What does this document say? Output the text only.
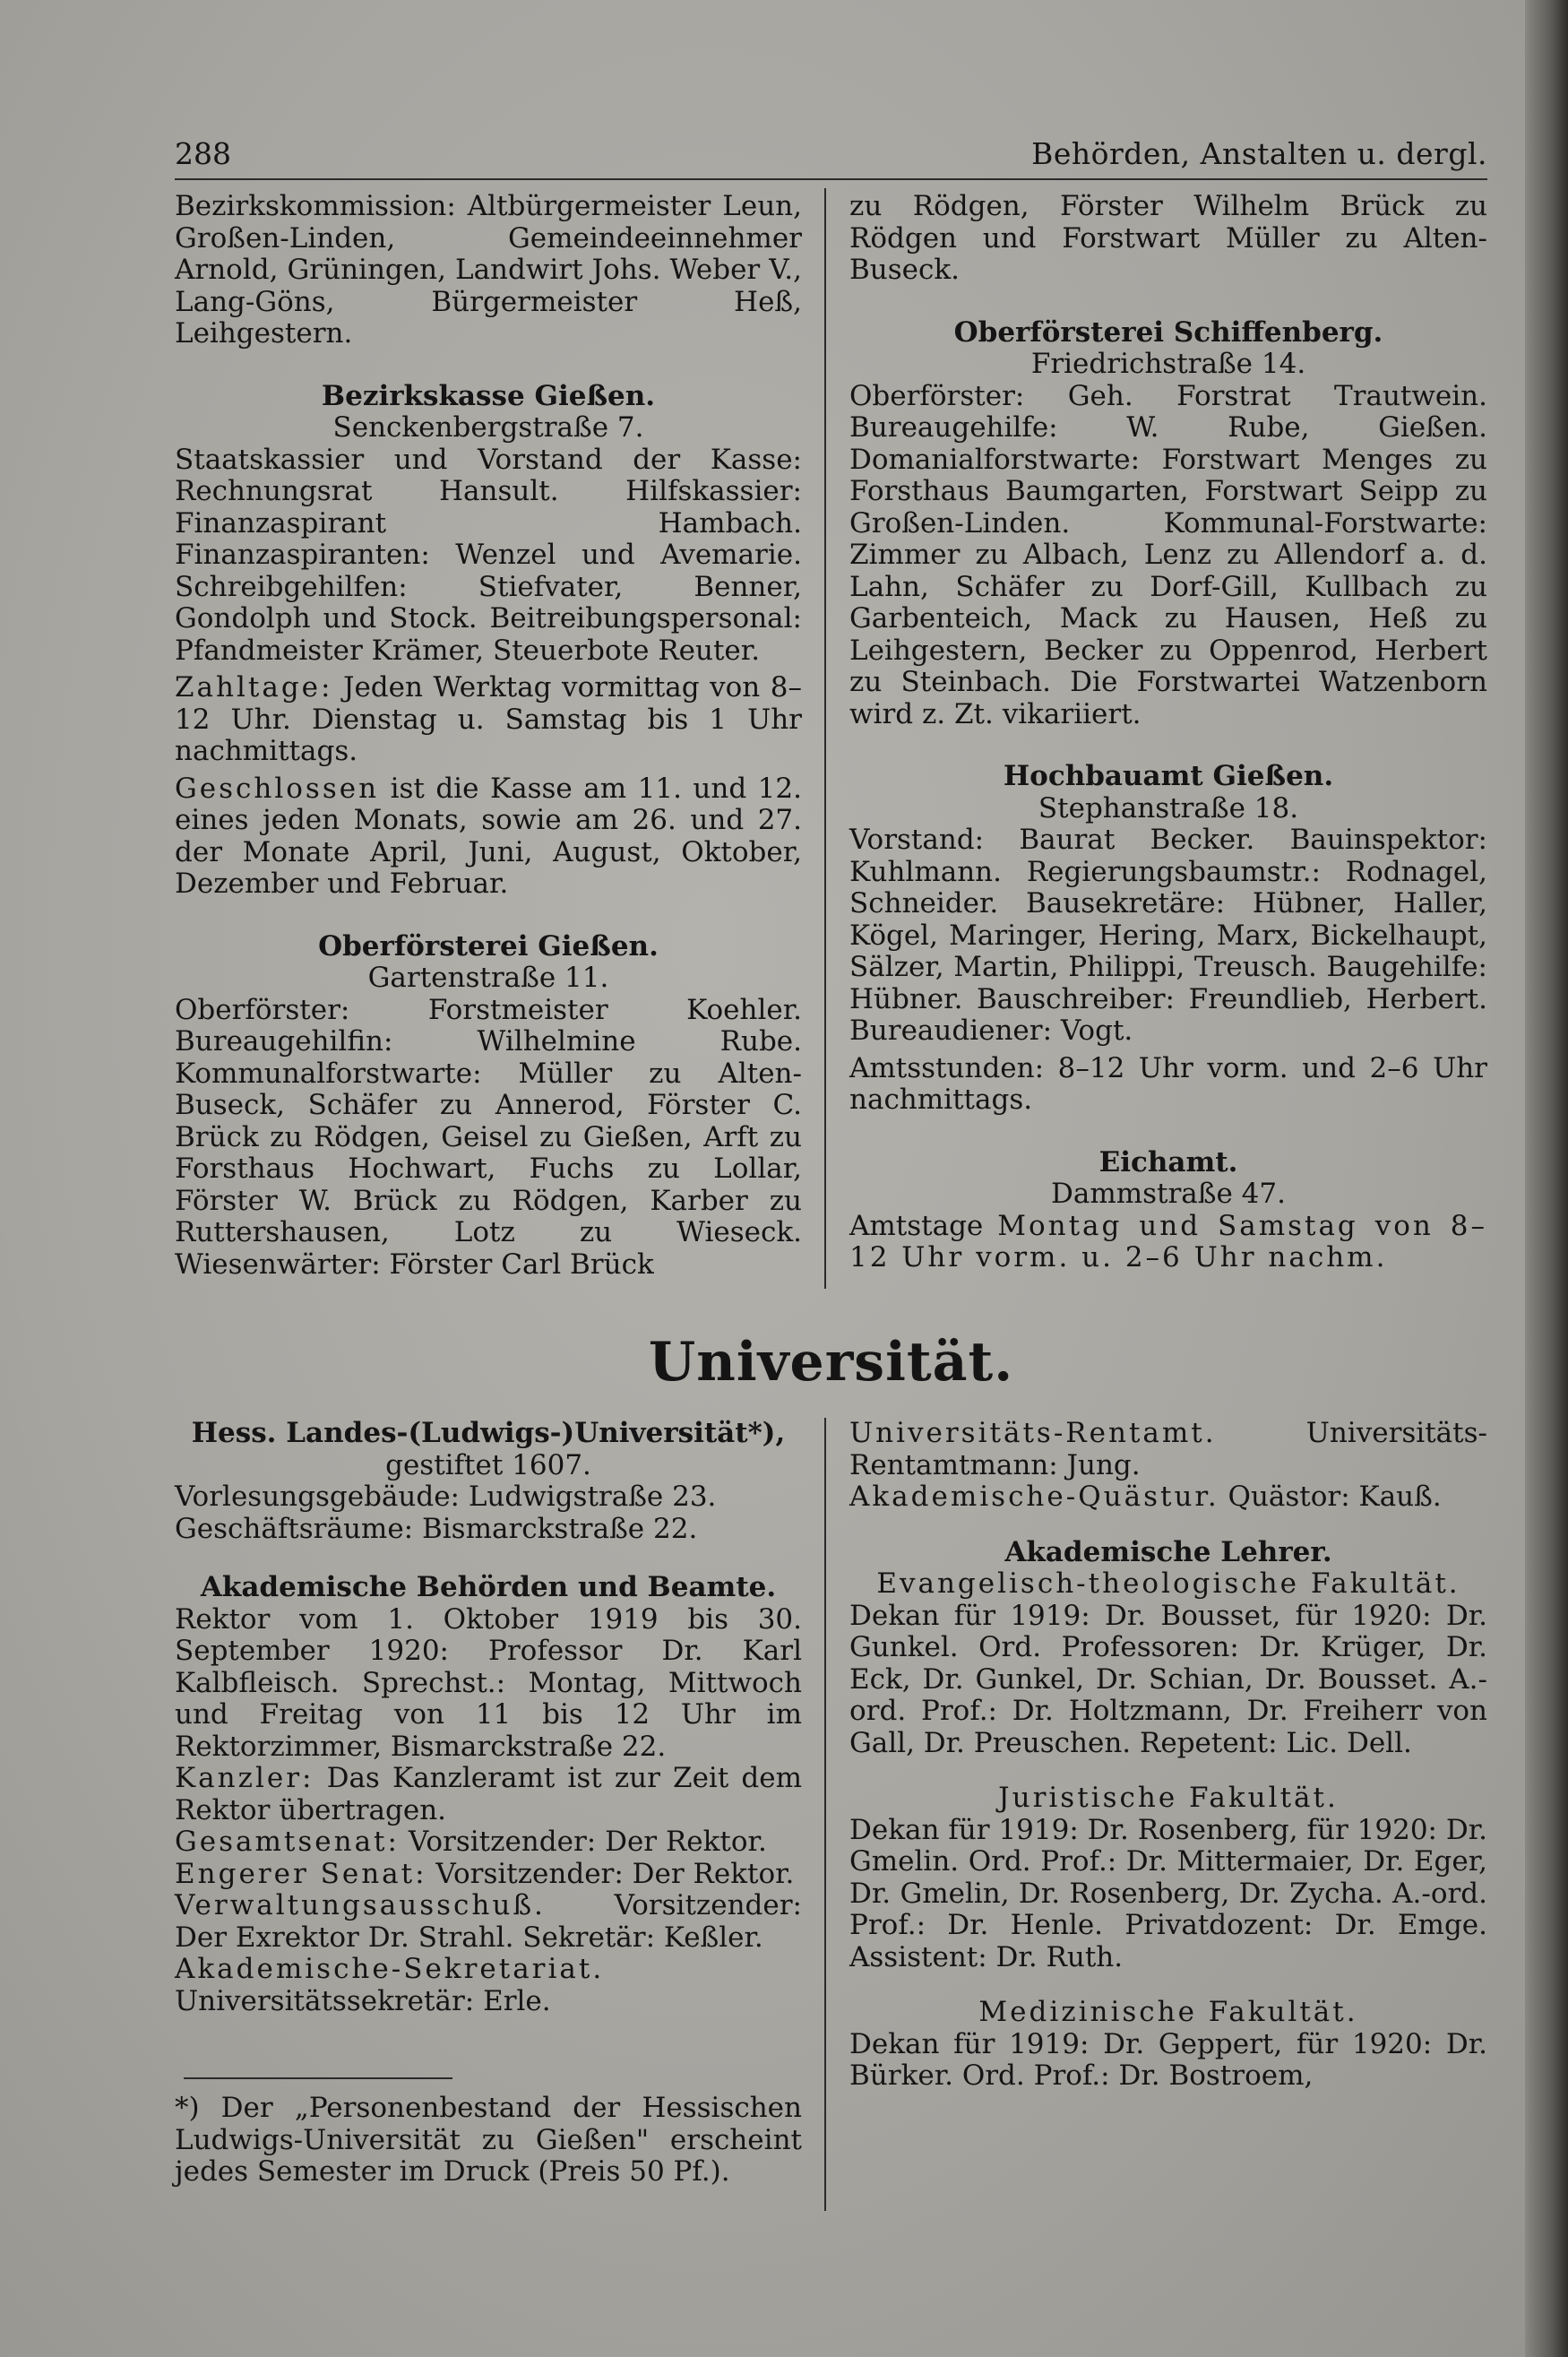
288	Behörden, Anstalten u. dergl.

Bezirkskommission: Altbürgermeister Leun, Großen-Linden, Gemeindeeinnehmer Arnold, Grüningen, Landwirt Johs. Weber V., Lang-Göns, Bürgermeister Heß, Leihgestern.

Bezirkskasse Gießen.

Senckenbergstraße 7.

Staatskassier und Vorstand der Kasse: Rechnungsrat Hansult. Hilfskassier: Finanzaspirant Hambach. Finanzaspiranten: Wenzel und Avemarie. Schreibgehilfen: Stiefvater, Benner, Gondolph und Stock. Beitreibungspersonal: Pfandmeister Krämer, Steuerbote Reuter.

Zahltage: Jeden Werktag vormittag von 8–12 Uhr. Dienstag u. Samstag bis 1 Uhr nachmittags.

Geschlossen ist die Kasse am 11. und 12. eines jeden Monats, sowie am 26. und 27. der Monate April, Juni, August, Oktober, Dezember und Februar.

Oberförsterei Gießen.

Gartenstraße 11.

Oberförster: Forstmeister Koehler. Bureaugehilfin: Wilhelmine Rube. Kommunalforstwarte: Müller zu Alten-Buseck, Schäfer zu Annerod, Förster C. Brück zu Rödgen, Geisel zu Gießen, Arft zu Forsthaus Hochwart, Fuchs zu Lollar, Förster W. Brück zu Rödgen, Karber zu Ruttershausen, Lotz zu Wieseck. Wiesenwärter: Förster Carl Brück

zu Rödgen, Förster Wilhelm Brück zu Rödgen und Forstwart Müller zu Alten-Buseck.

Oberförsterei Schiffenberg.

Friedrichstraße 14.

Oberförster: Geh. Forstrat Trautwein. Bureaugehilfe: W. Rube, Gießen. Domanialforstwarte: Forstwart Menges zu Forsthaus Baumgarten, Forstwart Seipp zu Großen-Linden. Kommunal-Forstwarte: Zimmer zu Albach, Lenz zu Allendorf a. d. Lahn, Schäfer zu Dorf-Gill, Kullbach zu Garbenteich, Mack zu Hausen, Heß zu Leihgestern, Becker zu Oppenrod, Herbert zu Steinbach. Die Forstwartei Watzenborn wird z. Zt. vikariiert.

Hochbauamt Gießen.

Stephanstraße 18.

Vorstand: Baurat Becker. Bauinspektor: Kuhlmann. Regierungsbaumstr.: Rodnagel, Schneider. Bausekretäre: Hübner, Haller, Kögel, Maringer, Hering, Marx, Bickelhaupt, Sälzer, Martin, Philippi, Treusch. Baugehilfe: Hübner. Bauschreiber: Freundlieb, Herbert. Bureaudiener: Vogt.

Amtsstunden: 8–12 Uhr vorm. und 2–6 Uhr nachmittags.

Eichamt.

Dammstraße 47.

Amtstage Montag und Samstag von 8–12 Uhr vorm. u. 2–6 Uhr nachm.

Universität.

Hess. Landes-(Ludwigs-)Universität*),

gestiftet 1607.

Vorlesungsgebäude: Ludwigstraße 23.

Geschäftsräume: Bismarckstraße 22.

Akademische Behörden und Beamte.

Rektor vom 1. Oktober 1919 bis 30. September 1920: Professor Dr. Karl Kalbfleisch. Sprechst.: Montag, Mittwoch und Freitag von 11 bis 12 Uhr im Rektorzimmer, Bismarckstraße 22.

Kanzler: Das Kanzleramt ist zur Zeit dem Rektor übertragen.

Gesamtsenat: Vorsitzender: Der Rektor.

Engerer Senat: Vorsitzender: Der Rektor.

Verwaltungsausschuß. Vorsitzender: Der Exrektor Dr. Strahl. Sekretär: Keßler.

Akademische-Sekretariat. Universitätssekretär: Erle.

*) Der „Personenbestand der Hessischen Ludwigs-Universität zu Gießen" erscheint jedes Semester im Druck (Preis 50 Pf.).

Universitäts-Rentamt.	Universitäts-Rentamtmann: Jung.

Akademische-Quästur. Quästor: Kauß.

Akademische Lehrer.

Evangelisch-theologische Fakultät.

Dekan für 1919: Dr. Bousset, für 1920: Dr. Gunkel. Ord. Professoren: Dr. Krüger, Dr. Eck, Dr. Gunkel, Dr. Schian, Dr. Bousset. A.-ord. Prof.: Dr. Holtzmann, Dr. Freiherr von Gall, Dr. Preuschen. Repetent: Lic. Dell.

Juristische Fakultät.

Dekan für 1919: Dr. Rosenberg, für 1920: Dr. Gmelin. Ord. Prof.: Dr. Mittermaier, Dr. Eger, Dr. Gmelin, Dr. Rosenberg, Dr. Zycha. A.-ord. Prof.: Dr. Henle. Privatdozent: Dr. Emge. Assistent: Dr. Ruth.

Medizinische Fakultät.

Dekan für 1919: Dr. Geppert, für 1920: Dr. Bürker. Ord. Prof.: Dr. Bostroem,
